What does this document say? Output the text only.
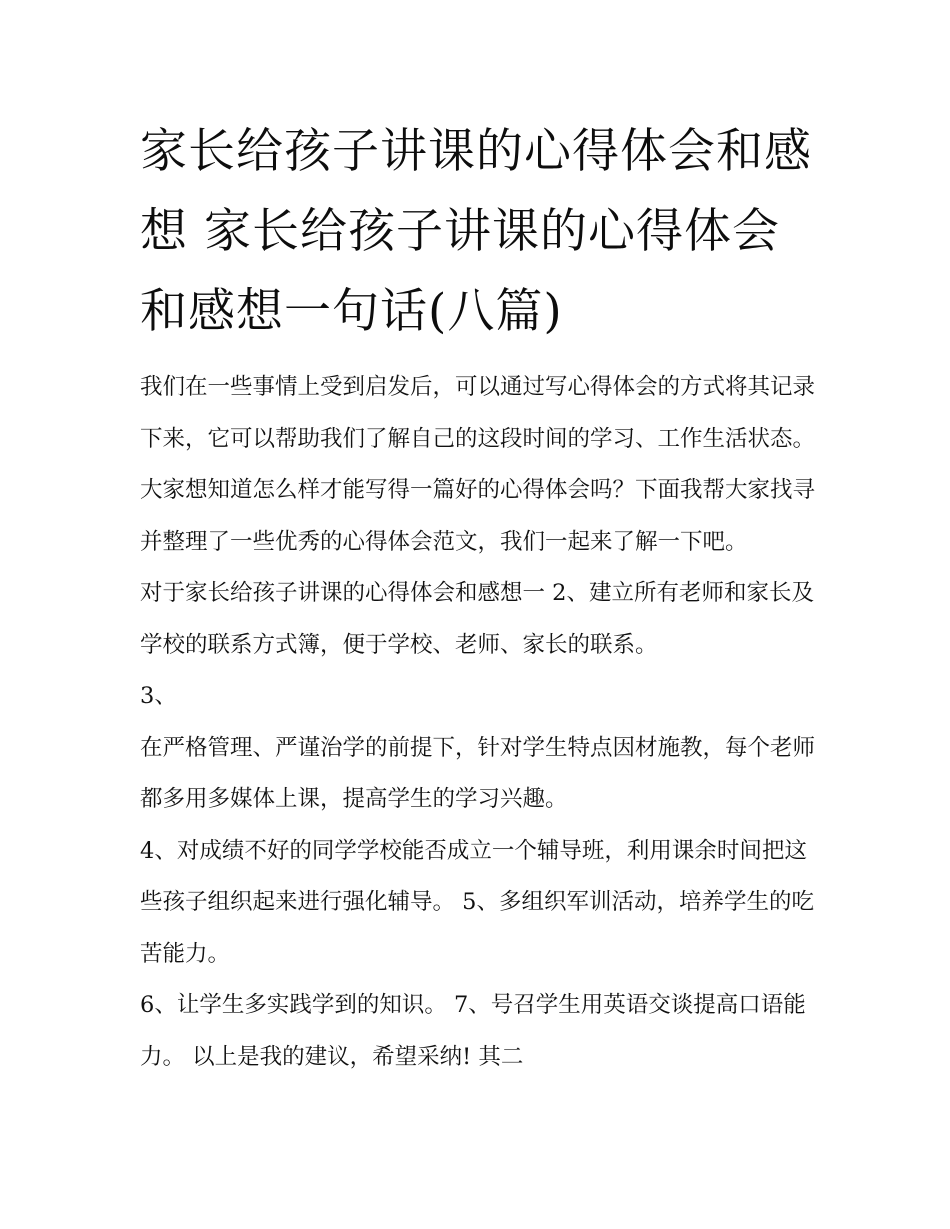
家长给孩子讲课的心得体会和感想 家长给孩子讲课的心得体会和感想一句话(八篇)

我们在一些事情上受到启发后，可以通过写心得体会的方式将其记录下来，它可以帮助我们了解自己的这段时间的学习、工作生活状态。大家想知道怎么样才能写得一篇好的心得体会吗？下面我帮大家找寻并整理了一些优秀的心得体会范文，我们一起来了解一下吧。

对于家长给孩子讲课的心得体会和感想一 2、建立所有老师和家长及学校的联系方式簿，便于学校、老师、家长的联系。

3、

在严格管理、严谨治学的前提下，针对学生特点因材施教，每个老师都多用多媒体上课，提高学生的学习兴趣。

4、对成绩不好的同学学校能否成立一个辅导班，利用课余时间把这些孩子组织起来进行强化辅导。 5、多组织军训活动，培养学生的吃苦能力。

6、让学生多实践学到的知识。 7、号召学生用英语交谈提高口语能力。 以上是我的建议，希望采纳! 其二
